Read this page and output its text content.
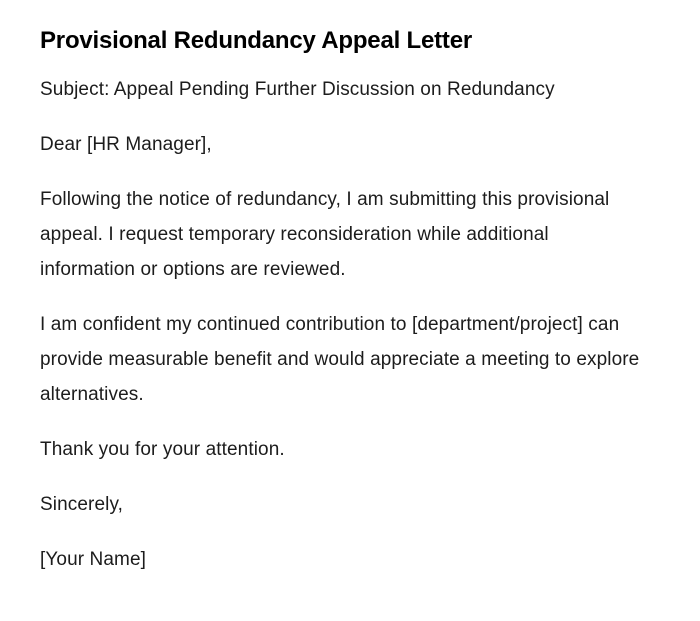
Provisional Redundancy Appeal Letter

Subject: Appeal Pending Further Discussion on Redundancy

Dear [HR Manager],

Following the notice of redundancy, I am submitting this provisional appeal. I request temporary reconsideration while additional information or options are reviewed.

I am confident my continued contribution to [department/project] can provide measurable benefit and would appreciate a meeting to explore alternatives.

Thank you for your attention.

Sincerely,

[Your Name]
